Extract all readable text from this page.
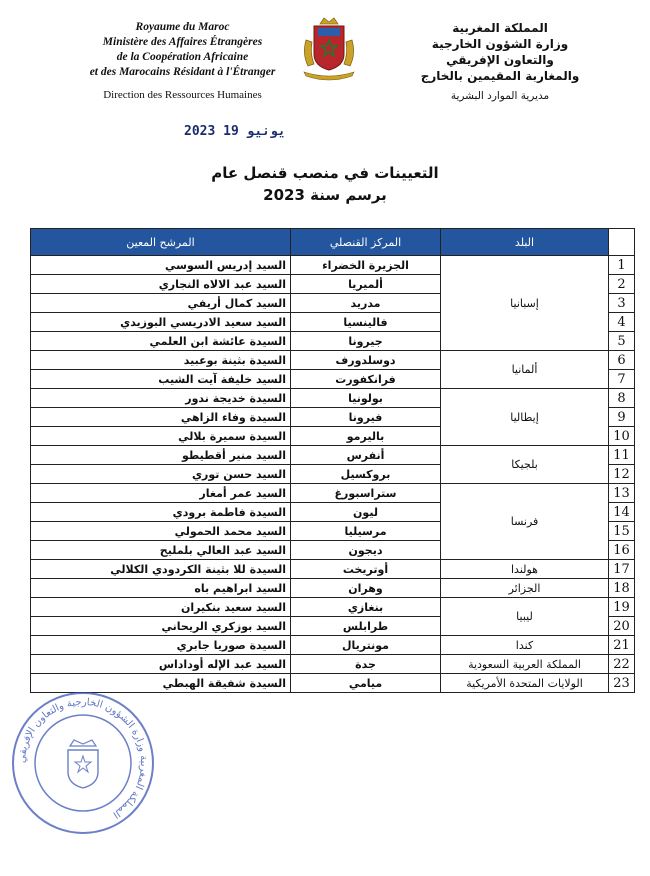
Royaume du Maroc
Ministère des Affaires Étrangères
de la Coopération Africaine
et des Marocains Résidant à l'Étranger
Direction des Ressources Humaines
المملكة المغربية
وزارة الشؤون الخارجية
والتعاون الإفريقي
والمغاربة المقيمين بالخارج
مديرية الموارد البشرية
2023 يونيو 19
التعيينات في منصب قنصل عام
برسم سنة 2023
	البلد	المركز القنصلي	المرشح المعين
1	إسبانيا	الجزيرة الخضراء	السيد إدريس السوسي
2		ألميريا	السيد عبد الالاه النجاري
3		مدريد	السيد كمال أريفي
4		فالينسيا	السيد سعيد الادريسي البوزيدي
5		جيرونا	السيدة عائشة ابن العلمي
6	ألمانيا	دوسلدورف	السيدة بثينة بوعبيد
7		فرانكفورت	السيد خليفة آيت الشيب
8	إيطاليا	بولونيا	السيدة خديجة ندور
9		فيرونا	السيدة وفاء الزاهي
10		باليرمو	السيدة سميرة بلالي
11	بلجيكا	أنفرس	السيد منير أقطيطو
12		بروكسيل	السيد حسن توري
13	فرنسا	ستراسبورغ	السيد عمر أمغار
14		ليون	السيدة فاطمة برودي
15		مرسيليا	السيد محمد الحمولي
16		ديجون	السيد عبد العالي بلمليح
17	هولندا	أوتريخت	السيدة للا بثينة الكردودي الكلالي
18	الجزائر	وهران	السيد ابراهيم باه
19	ليبيا	بنغازي	السيد سعيد بنكيران
20		طرابلس	السيد بوزكري الريحاني
21	كندا	مونتريال	السيدة صوريا جابري
22	المملكة العربية السعودية	جدة	السيد عبد الإله أوداداس
23	الولايات المتحدة الأمريكية	ميامي	السيدة شفيقة الهبطي
المملكة المغربية وزارة الشؤون الخارجية والتعاون الإفريقي
